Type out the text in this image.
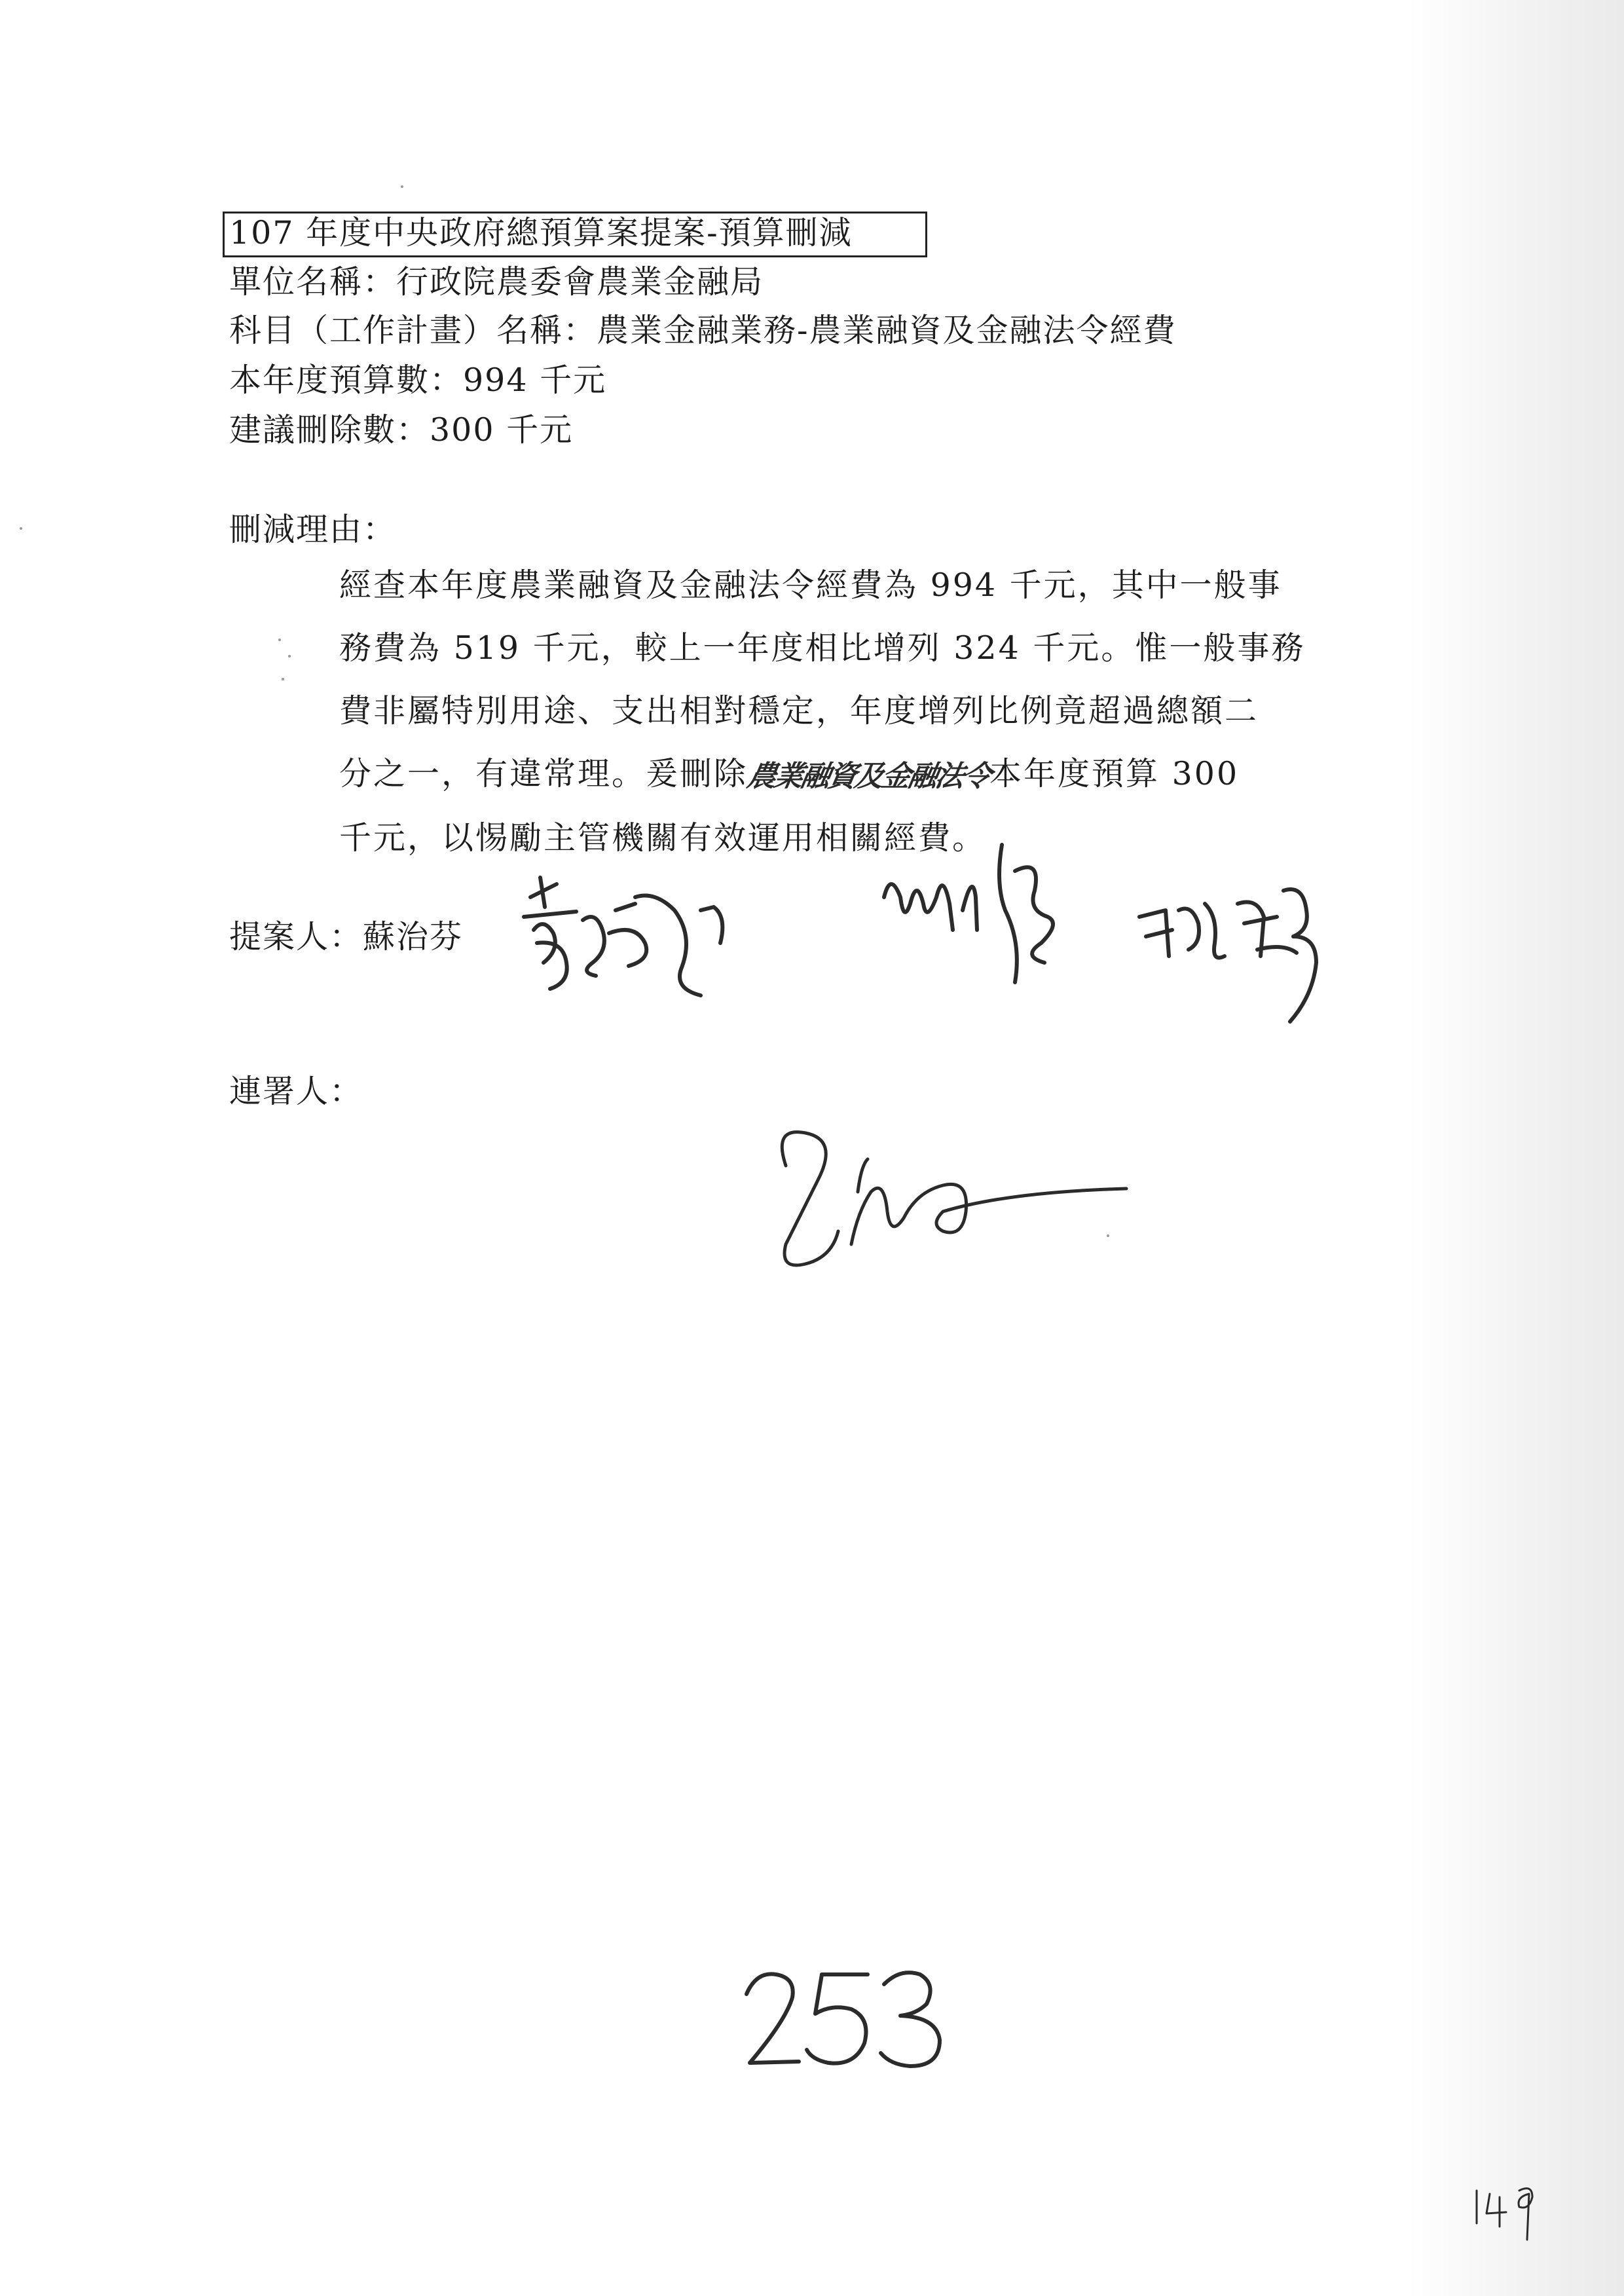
107 年度中央政府總預算案提案-預算刪減
單位名稱：行政院農委會農業金融局
科目（工作計畫）名稱：農業金融業務-農業融資及金融法令經費
本年度預算數：994 千元
建議刪除數：300 千元
刪減理由：
經查本年度農業融資及金融法令經費為 994 千元，其中一般事
務費為 519 千元，較上一年度相比增列 324 千元。惟一般事務
費非屬特別用途、支出相對穩定，年度增列比例竟超過總額二
分之一，有違常理。爰刪除農業融資及金融法令本年度預算 300
千元，以惕勵主管機關有效運用相關經費。
提案人：蘇治芬
連署人：
